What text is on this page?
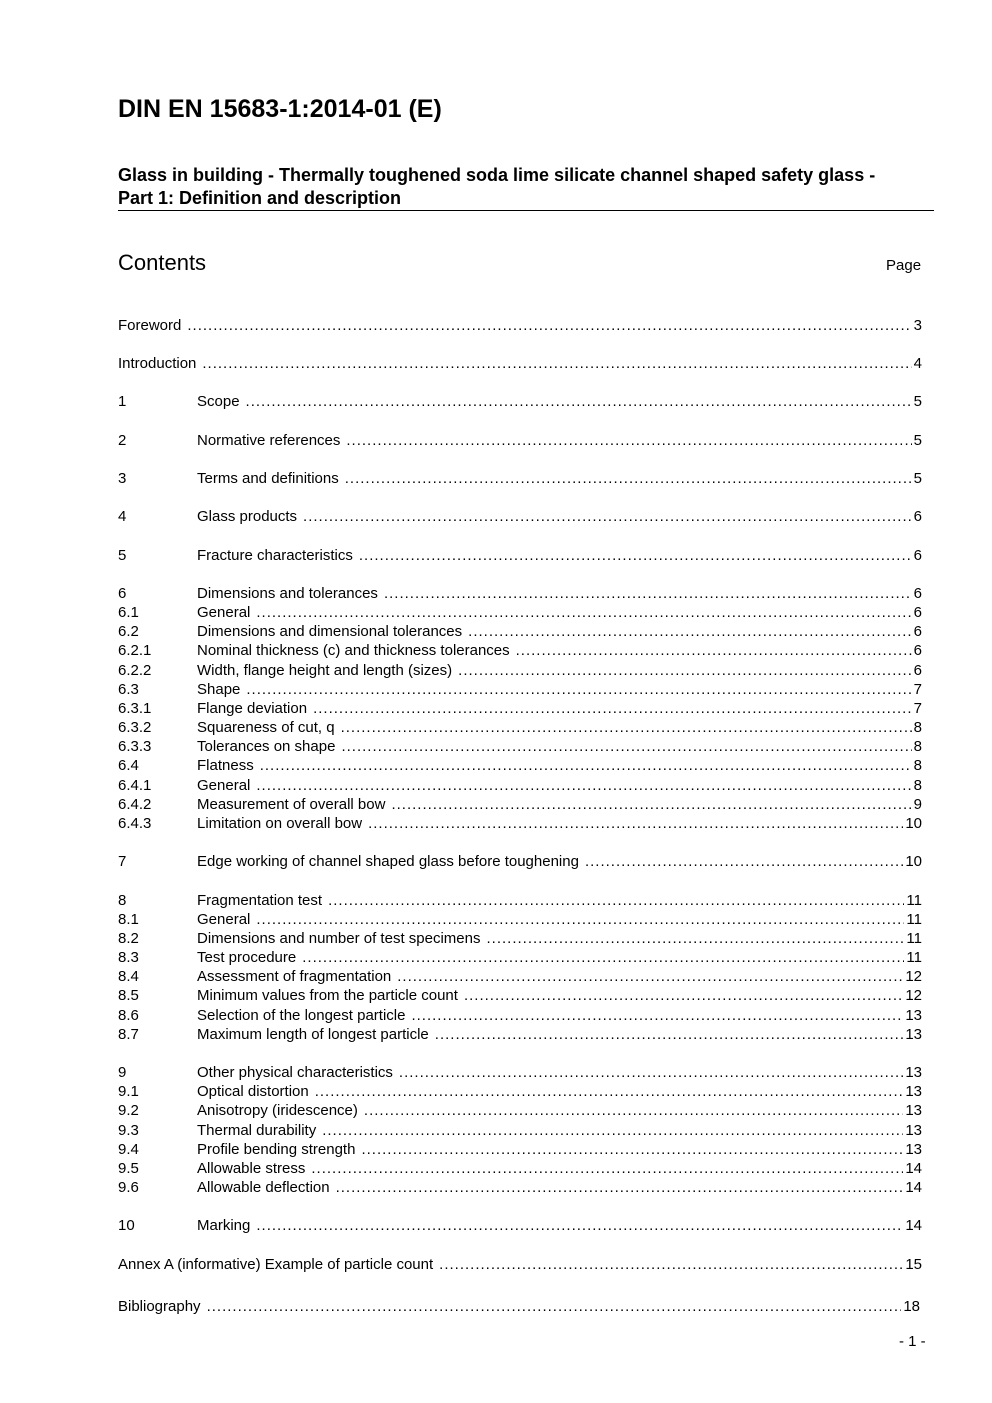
DIN EN 15683-1:2014-01 (E)
Glass in building - Thermally toughened soda lime silicate channel shaped safety glass - Part 1: Definition and description
Contents	Page
Foreword .....	3
Introduction .....	4
1	Scope .....	5
2	Normative references .....	5
3	Terms and definitions .....	5
4	Glass products .....	6
5	Fracture characteristics .....	6
6	Dimensions and tolerances .....	6
6.1	General .....	6
6.2	Dimensions and dimensional tolerances .....	6
6.2.1	Nominal thickness (c) and thickness tolerances .....	6
6.2.2	Width, flange height and length (sizes) .....	6
6.3	Shape .....	7
6.3.1	Flange deviation .....	7
6.3.2	Squareness of cut, q .....	8
6.3.3	Tolerances on shape .....	8
6.4	Flatness .....	8
6.4.1	General .....	8
6.4.2	Measurement of overall bow .....	9
6.4.3	Limitation on overall bow .....	10
7	Edge working of channel shaped glass before toughening .....	10
8	Fragmentation test .....	11
8.1	General .....	11
8.2	Dimensions and number of test specimens .....	11
8.3	Test procedure .....	11
8.4	Assessment of fragmentation .....	12
8.5	Minimum values from the particle count .....	12
8.6	Selection of the longest particle .....	13
8.7	Maximum length of longest particle .....	13
9	Other physical characteristics .....	13
9.1	Optical distortion .....	13
9.2	Anisotropy (iridescence) .....	13
9.3	Thermal durability .....	13
9.4	Profile bending strength .....	13
9.5	Allowable stress .....	14
9.6	Allowable deflection .....	14
10	Marking .....	14
Annex A (informative) Example of particle count .....	15
Bibliography .....	18
- 1 -
